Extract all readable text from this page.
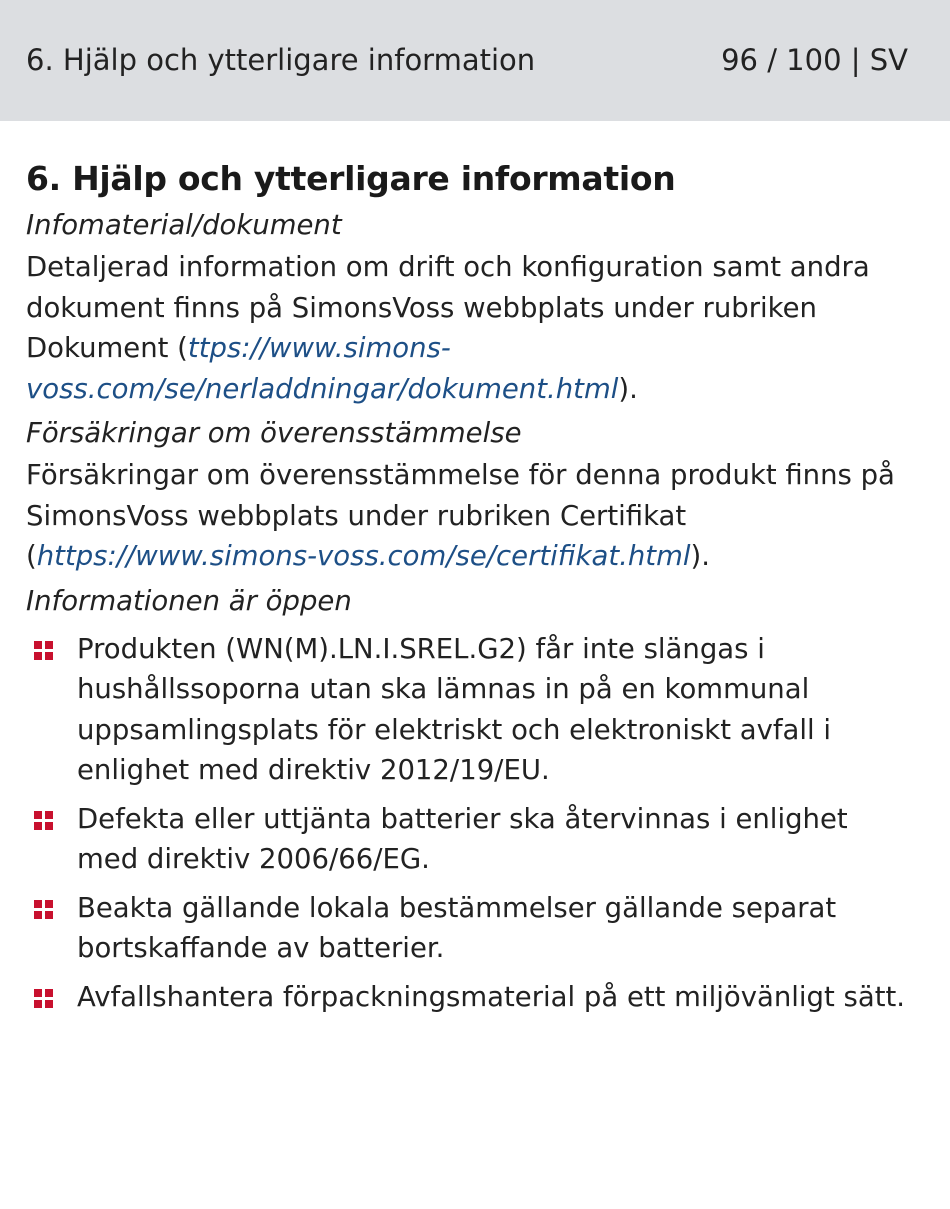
6. Hjälp och ytterligare information	96 / 100 | SV
6. Hjälp och ytterligare information
Infomaterial/dokument

Detaljerad information om drift och konfiguration samt andra dokument finns på SimonsVoss webbplats under rubriken Dokument (ttps://www.simons-voss.com/se/nerladdningar/dokument.html).

Försäkringar om överensstämmelse

Försäkringar om överensstämmelse för denna produkt finns på SimonsVoss webbplats under rubriken Certifikat (https://www.simons-voss.com/se/certifikat.html).

Informationen är öppen
Produkten (WN(M).LN.I.SREL.G2) får inte slängas i hushållssoporna utan ska lämnas in på en kommunal uppsamlingsplats för elektriskt och elektroniskt avfall i enlighet med direktiv 2012/19/EU.
Defekta eller uttjänta batterier ska återvinnas i enlighet med direktiv 2006/66/EG.
Beakta gällande lokala bestämmelser gällande separat bortskaffande av batterier.
Avfallshantera förpackningsmaterial på ett miljövänligt sätt.
